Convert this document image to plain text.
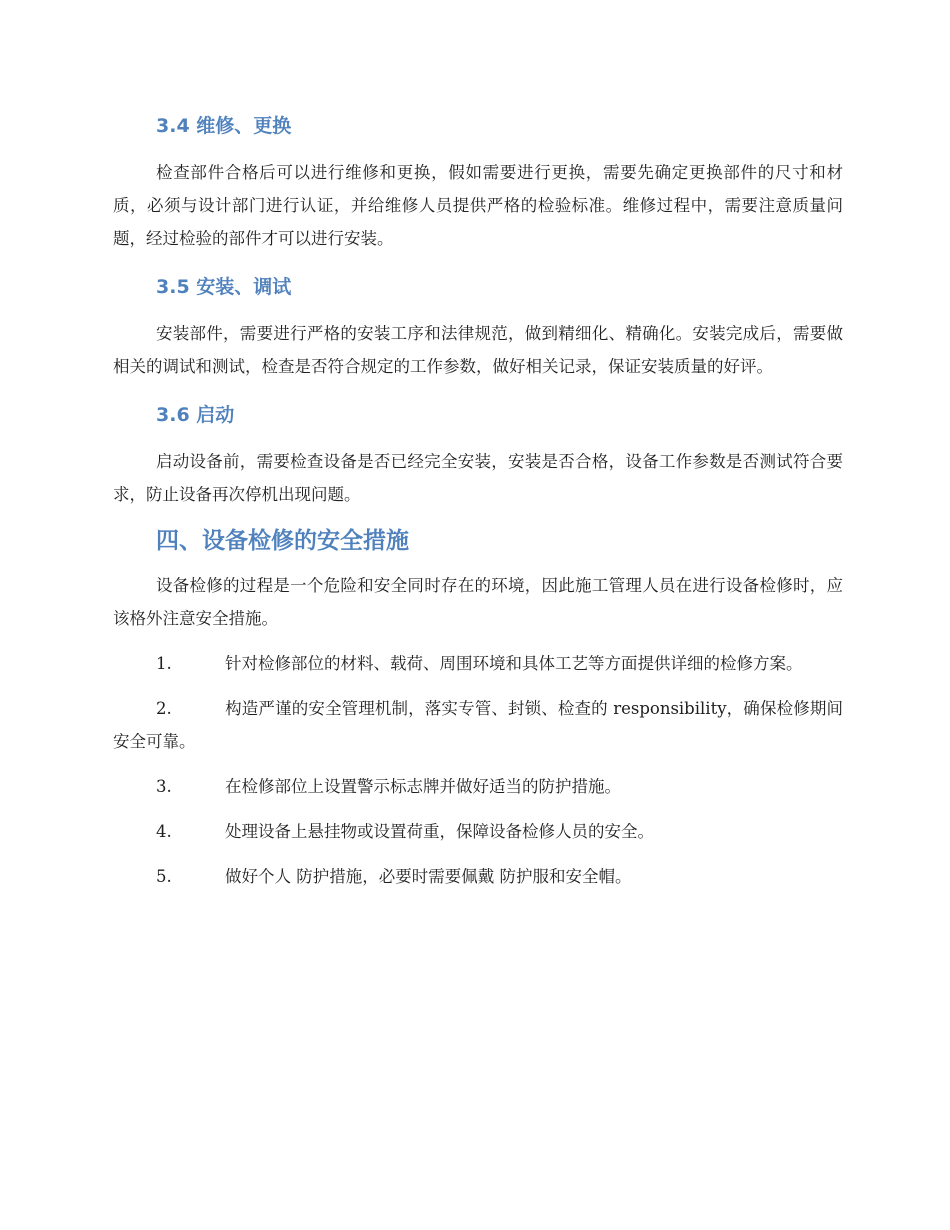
3.4 维修、更换

检查部件合格后可以进行维修和更换，假如需要进行更换，需要先确定更换部件的尺寸和材质，必须与设计部门进行认证，并给维修人员提供严格的检验标准。维修过程中，需要注意质量问题，经过检验的部件才可以进行安装。

3.5 安装、调试

安装部件，需要进行严格的安装工序和法律规范，做到精细化、精确化。安装完成后，需要做相关的调试和测试，检查是否符合规定的工作参数，做好相关记录，保证安装质量的好评。

3.6 启动

启动设备前，需要检查设备是否已经完全安装，安装是否合格，设备工作参数是否测试符合要求，防止设备再次停机出现问题。

四、设备检修的安全措施

设备检修的过程是一个危险和安全同时存在的环境，因此施工管理人员在进行设备检修时，应该格外注意安全措施。

1.	针对检修部位的材料、载荷、周围环境和具体工艺等方面提供详细的检修方案。

2.	构造严谨的安全管理机制，落实专管、封锁、检查的 responsibility，确保检修期间安全可靠。

3.	在检修部位上设置警示标志牌并做好适当的防护措施。

4.	处理设备上悬挂物或设置荷重，保障设备检修人员的安全。

5.	做好个人 防护措施，必要时需要佩戴 防护服和安全帽。
